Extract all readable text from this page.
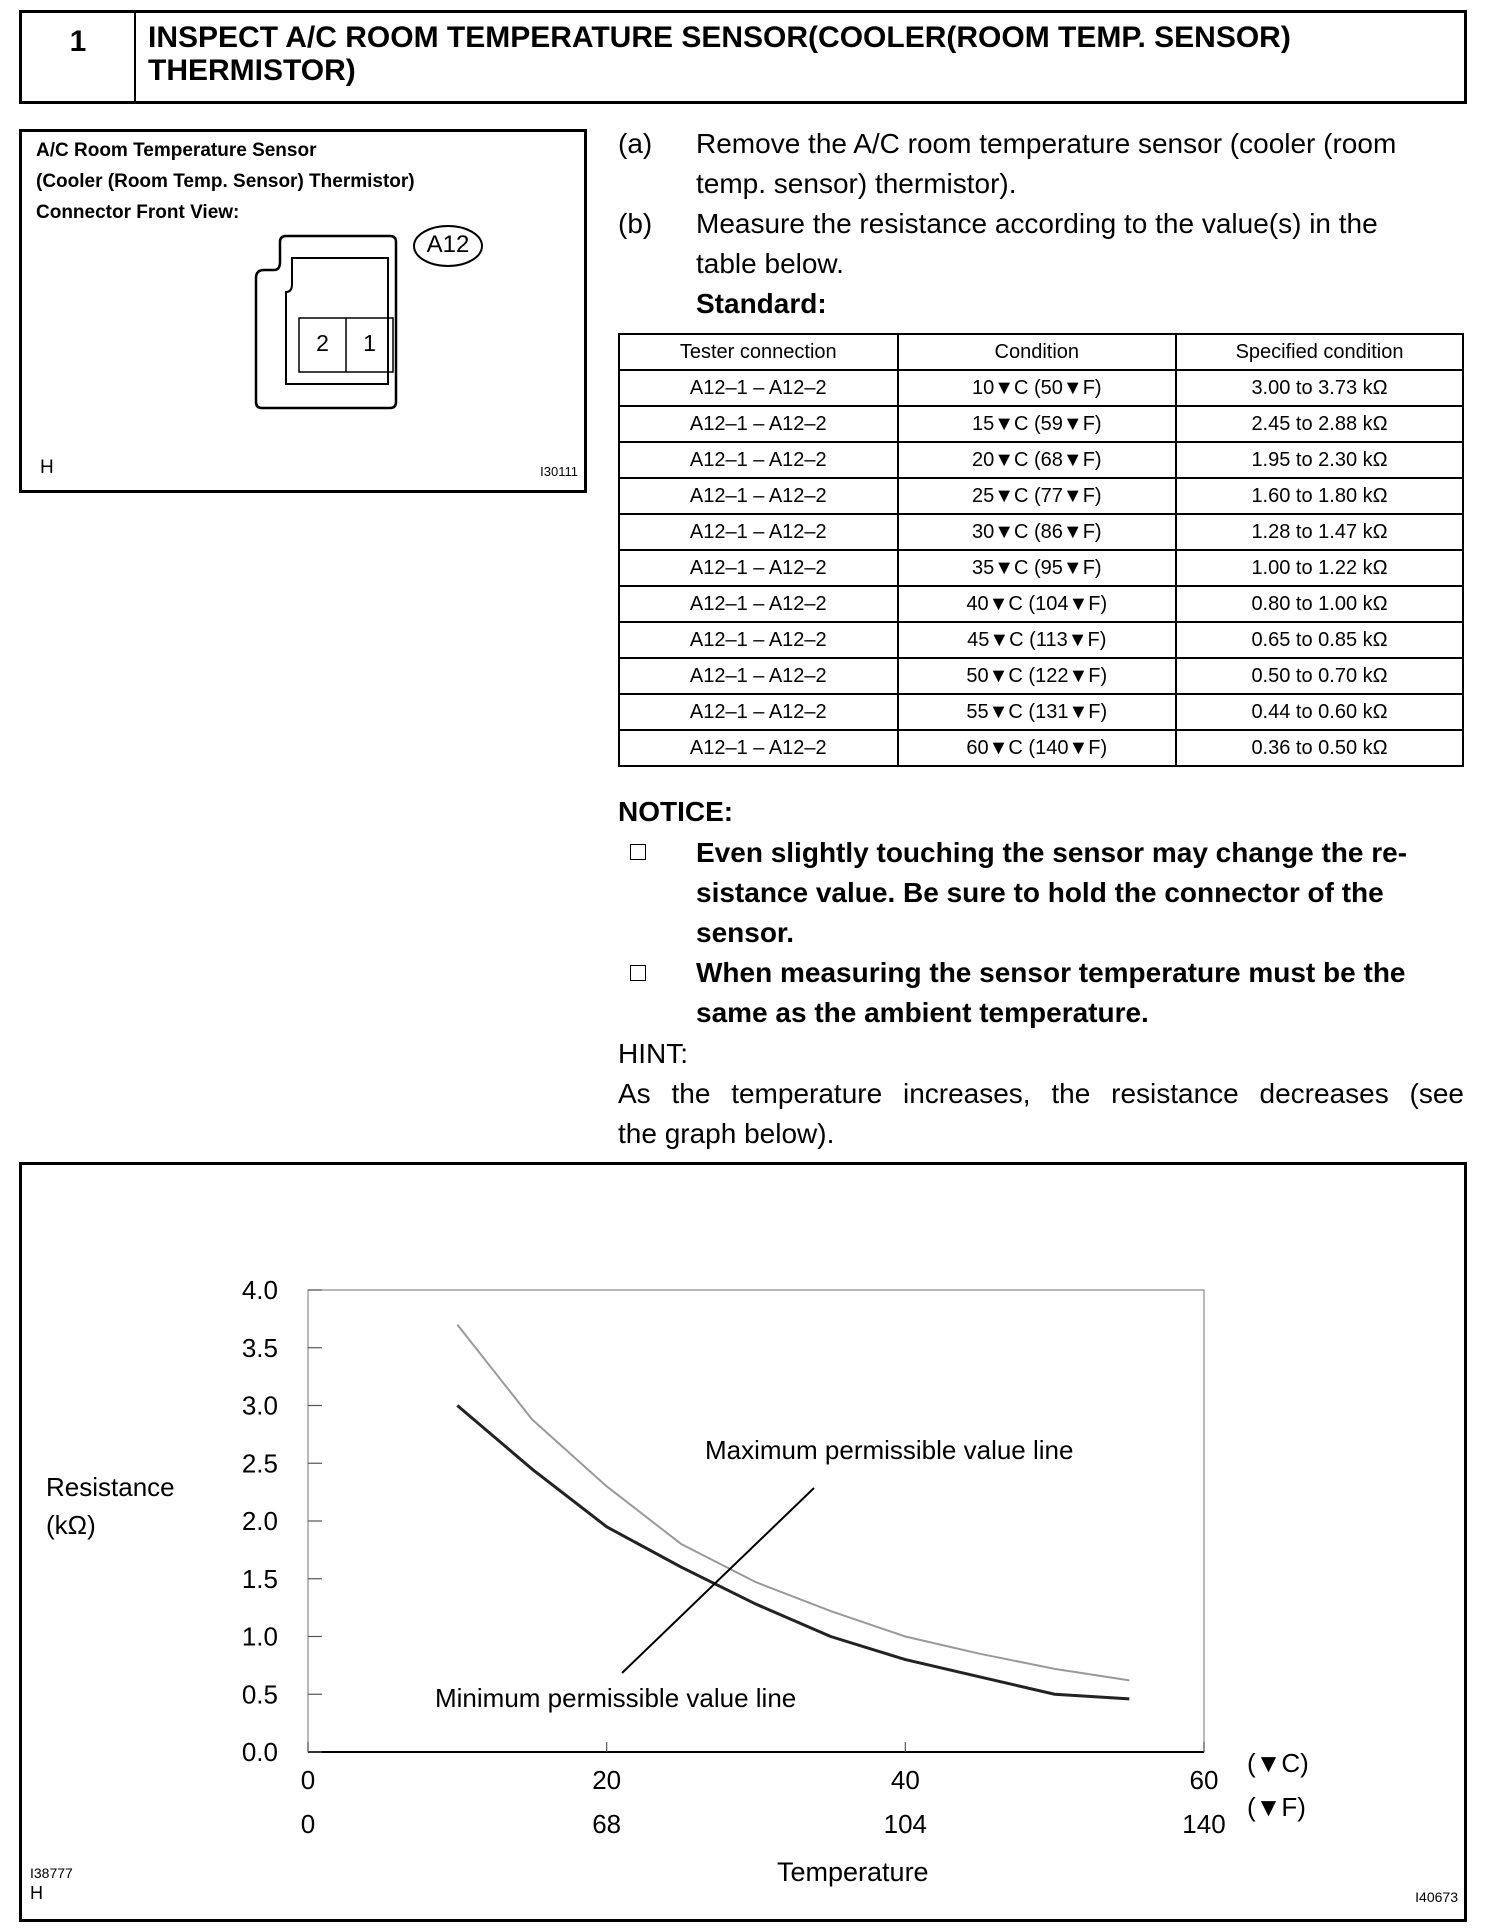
1	INSPECT A/C ROOM TEMPERATURE SENSOR(COOLER(ROOM TEMP. SENSOR) THERMISTOR)
A/C Room Temperature Sensor
(Cooler (Room Temp. Sensor) Thermistor)
Connector Front View:
A12
2	1
H	I30111
(a) Remove the A/C room temperature sensor (cooler (room
temp. sensor) thermistor).
(b) Measure the resistance according to the value(s) in the
table below.
Standard:
Tester connection	Condition	Specified condition
A12–1 – A12–2	10▼C (50▼F)	3.00 to 3.73 kΩ
A12–1 – A12–2	15▼C (59▼F)	2.45 to 2.88 kΩ
A12–1 – A12–2	20▼C (68▼F)	1.95 to 2.30 kΩ
A12–1 – A12–2	25▼C (77▼F)	1.60 to 1.80 kΩ
A12–1 – A12–2	30▼C (86▼F)	1.28 to 1.47 kΩ
A12–1 – A12–2	35▼C (95▼F)	1.00 to 1.22 kΩ
A12–1 – A12–2	40▼C (104▼F)	0.80 to 1.00 kΩ
A12–1 – A12–2	45▼C (113▼F)	0.65 to 0.85 kΩ
A12–1 – A12–2	50▼C (122▼F)	0.50 to 0.70 kΩ
A12–1 – A12–2	55▼C (131▼F)	0.44 to 0.60 kΩ
A12–1 – A12–2	60▼C (140▼F)	0.36 to 0.50 kΩ
NOTICE:
Even slightly touching the sensor may change the re-
sistance value. Be sure to hold the connector of the
sensor.
When measuring the sensor temperature must be the
same as the ambient temperature.
HINT:
As the temperature increases, the resistance decreases (see
the graph below).
0.0
0.5
1.0
1.5
2.0
2.5
3.0
3.5
4.0
0
0
20
68
40
104
60
140
Resistance
(kΩ)
Temperature
Maximum permissible value line
Minimum permissible value line
(▼C)
(▼F)
I38777
H	I40673
